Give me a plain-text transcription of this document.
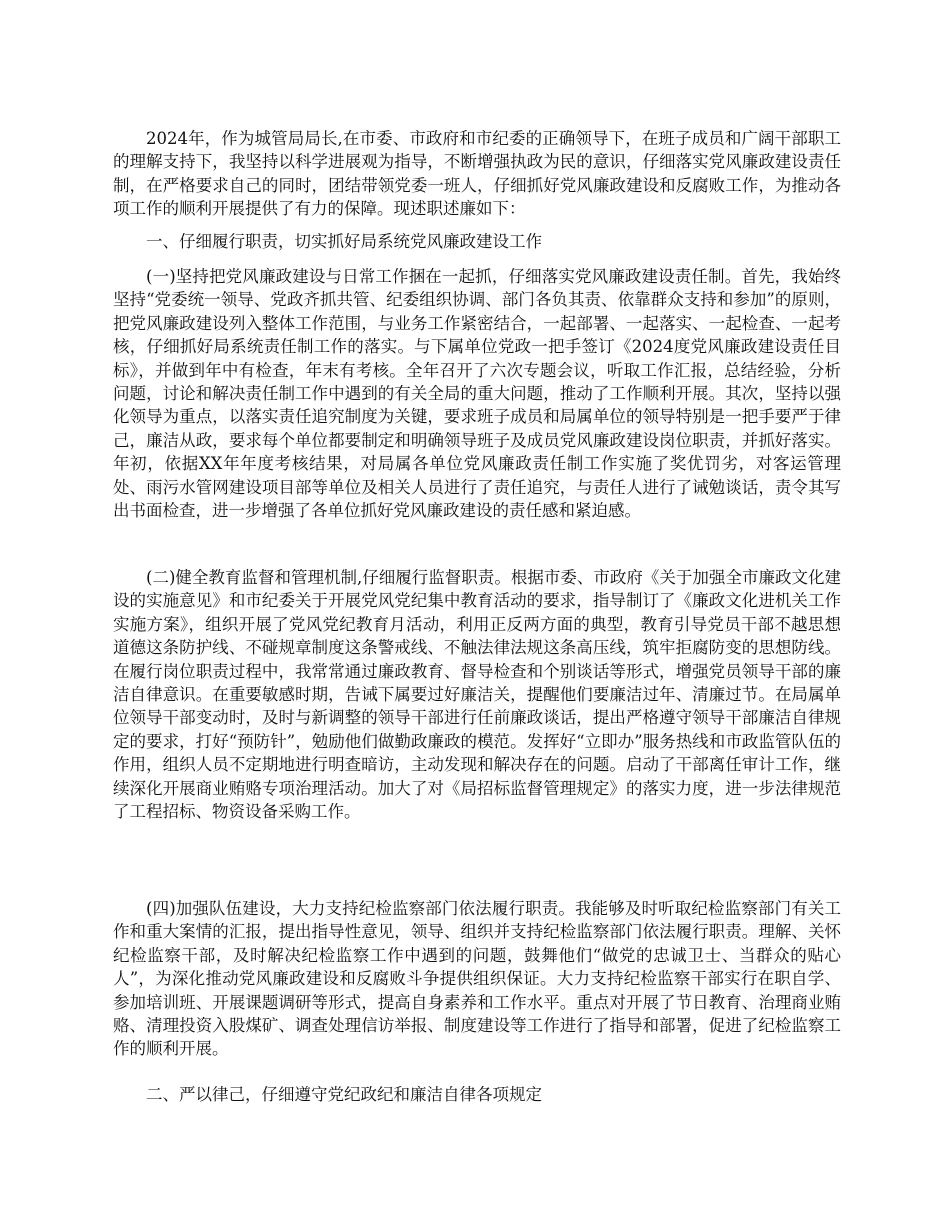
2024年，作为城管局局长,在市委、市政府和市纪委的正确领导下，在班子成员和广阔干部职工的理解支持下，我坚持以科学进展观为指导，不断增强执政为民的意识，仔细落实党风廉政建设责任制，在严格要求自己的同时，团结带领党委一班人，仔细抓好党风廉政建设和反腐败工作，为推动各项工作的顺利开展提供了有力的保障。现述职述廉如下：

一、仔细履行职责，切实抓好局系统党风廉政建设工作

(一)坚持把党风廉政建设与日常工作捆在一起抓，仔细落实党风廉政建设责任制。首先，我始终坚持“党委统一领导、党政齐抓共管、纪委组织协调、部门各负其责、依靠群众支持和参加”的原则，把党风廉政建设列入整体工作范围，与业务工作紧密结合，一起部署、一起落实、一起检查、一起考核，仔细抓好局系统责任制工作的落实。与下属单位党政一把手签订《2024度党风廉政建设责任目标》，并做到年中有检查，年末有考核。全年召开了六次专题会议，听取工作汇报，总结经验，分析问题，讨论和解决责任制工作中遇到的有关全局的重大问题，推动了工作顺利开展。其次，坚持以强化领导为重点，以落实责任追究制度为关键，要求班子成员和局属单位的领导特别是一把手要严于律己，廉洁从政，要求每个单位都要制定和明确领导班子及成员党风廉政建设岗位职责，并抓好落实。年初，依据XX年年度考核结果，对局属各单位党风廉政责任制工作实施了奖优罚劣，对客运管理处、雨污水管网建设项目部等单位及相关人员进行了责任追究，与责任人进行了诫勉谈话，责令其写出书面检查，进一步增强了各单位抓好党风廉政建设的责任感和紧迫感。

(二)健全教育监督和管理机制,仔细履行监督职责。根据市委、市政府《关于加强全市廉政文化建设的实施意见》和市纪委关于开展党风党纪集中教育活动的要求，指导制订了《廉政文化进机关工作实施方案》，组织开展了党风党纪教育月活动，利用正反两方面的典型，教育引导党员干部不越思想道德这条防护线、不碰规章制度这条警戒线、不触法律法规这条高压线，筑牢拒腐防变的思想防线。在履行岗位职责过程中，我常常通过廉政教育、督导检查和个别谈话等形式，增强党员领导干部的廉洁自律意识。在重要敏感时期，告诫下属要过好廉洁关，提醒他们要廉洁过年、清廉过节。在局属单位领导干部变动时，及时与新调整的领导干部进行任前廉政谈话，提出严格遵守领导干部廉洁自律规定的要求，打好“预防针”，勉励他们做勤政廉政的模范。发挥好“立即办”服务热线和市政监管队伍的作用，组织人员不定期地进行明查暗访，主动发现和解决存在的问题。启动了干部离任审计工作，继续深化开展商业贿赂专项治理活动。加大了对《局招标监督管理规定》的落实力度，进一步法律规范了工程招标、物资设备采购工作。

(四)加强队伍建设，大力支持纪检监察部门依法履行职责。我能够及时听取纪检监察部门有关工作和重大案情的汇报，提出指导性意见，领导、组织并支持纪检监察部门依法履行职责。理解、关怀纪检监察干部，及时解决纪检监察工作中遇到的问题，鼓舞他们“做党的忠诚卫士、当群众的贴心人”，为深化推动党风廉政建设和反腐败斗争提供组织保证。大力支持纪检监察干部实行在职自学、参加培训班、开展课题调研等形式，提高自身素养和工作水平。重点对开展了节日教育、治理商业贿赂、清理投资入股煤矿、调查处理信访举报、制度建设等工作进行了指导和部署，促进了纪检监察工作的顺利开展。

二、严以律己，仔细遵守党纪政纪和廉洁自律各项规定
